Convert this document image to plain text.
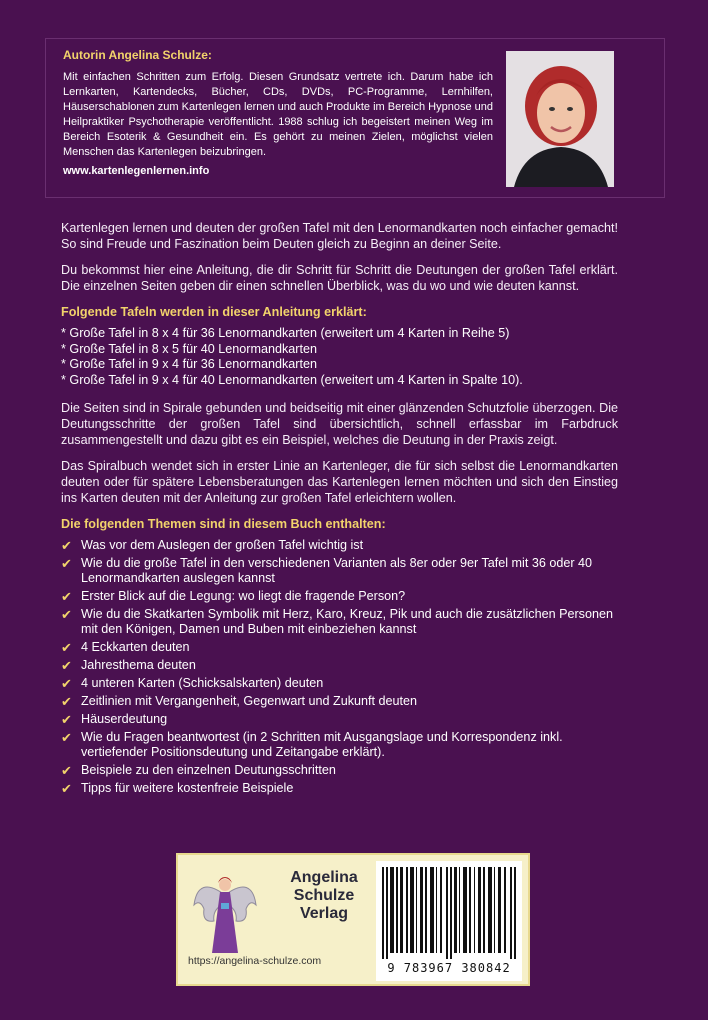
Autorin Angelina Schulze:
Mit einfachen Schritten zum Erfolg. Diesen Grundsatz vertrete ich. Darum habe ich Lernkarten, Kartendecks, Bücher, CDs, DVDs, PC-Programme, Lernhilfen, Häuserschablonen zum Kartenlegen lernen und auch Produkte im Bereich Hypnose und Heilpraktiker Psychotherapie veröffentlicht. 1988 schlug ich begeistert meinen Weg im Bereich Esoterik & Gesundheit ein. Es gehört zu meinen Zielen, möglichst vielen Menschen das Kartenlegen beizubringen.
www.kartenlegenlernen.info

Kartenlegen lernen und deuten der großen Tafel mit den Lenormandkarten noch einfacher gemacht! So sind Freude und Faszination beim Deuten gleich zu Beginn an deiner Seite.

Du bekommst hier eine Anleitung, die dir Schritt für Schritt die Deutungen der großen Tafel erklärt. Die einzelnen Seiten geben dir einen schnellen Überblick, was du wo und wie deuten kannst.

Folgende Tafeln werden in dieser Anleitung erklärt:
* Große Tafel in 8 x 4 für 36 Lenormandkarten (erweitert um 4 Karten in Reihe 5)
* Große Tafel in 8 x 5 für 40 Lenormandkarten
* Große Tafel in 9 x 4 für 36 Lenormandkarten
* Große Tafel in 9 x 4 für 40 Lenormandkarten (erweitert um 4 Karten in Spalte 10).

Die Seiten sind in Spirale gebunden und beidseitig mit einer glänzenden Schutzfolie überzogen. Die Deutungsschritte der großen Tafel sind übersichtlich, schnell erfassbar im Farbdruck zusammengestellt und dazu gibt es ein Beispiel, welches die Deutung in der Praxis zeigt.

Das Spiralbuch wendet sich in erster Linie an Kartenleger, die für sich selbst die Lenormandkarten deuten oder für spätere Lebensberatungen das Kartenlegen lernen möchten und sich den Einstieg ins Karten deuten mit der Anleitung zur großen Tafel erleichtern wollen.

Die folgenden Themen sind in diesem Buch enthalten:
✔ Was vor dem Auslegen der großen Tafel wichtig ist
✔ Wie du die große Tafel in den verschiedenen Varianten als 8er oder 9er Tafel mit 36 oder 40 Lenormandkarten auslegen kannst
✔ Erster Blick auf die Legung: wo liegt die fragende Person?
✔ Wie du die Skatkarten Symbolik mit Herz, Karo, Kreuz, Pik und auch die zusätzlichen Personen mit den Königen, Damen und Buben mit einbeziehen kannst
✔ 4 Eckkarten deuten
✔ Jahresthema deuten
✔ 4 unteren Karten (Schicksalskarten) deuten
✔ Zeitlinien mit Vergangenheit, Gegenwart und Zukunft deuten
✔ Häuserdeutung
✔ Wie du Fragen beantwortest (in 2 Schritten mit Ausgangslage und Korrespondenz inkl. vertiefender Positionsdeutung und Zeitangabe erklärt).
✔ Beispiele zu den einzelnen Deutungsschritten
✔ Tipps für weitere kostenfreie Beispiele
Angelina
Schulze
Verlag
https://angelina-schulze.com	9 783967 380842
